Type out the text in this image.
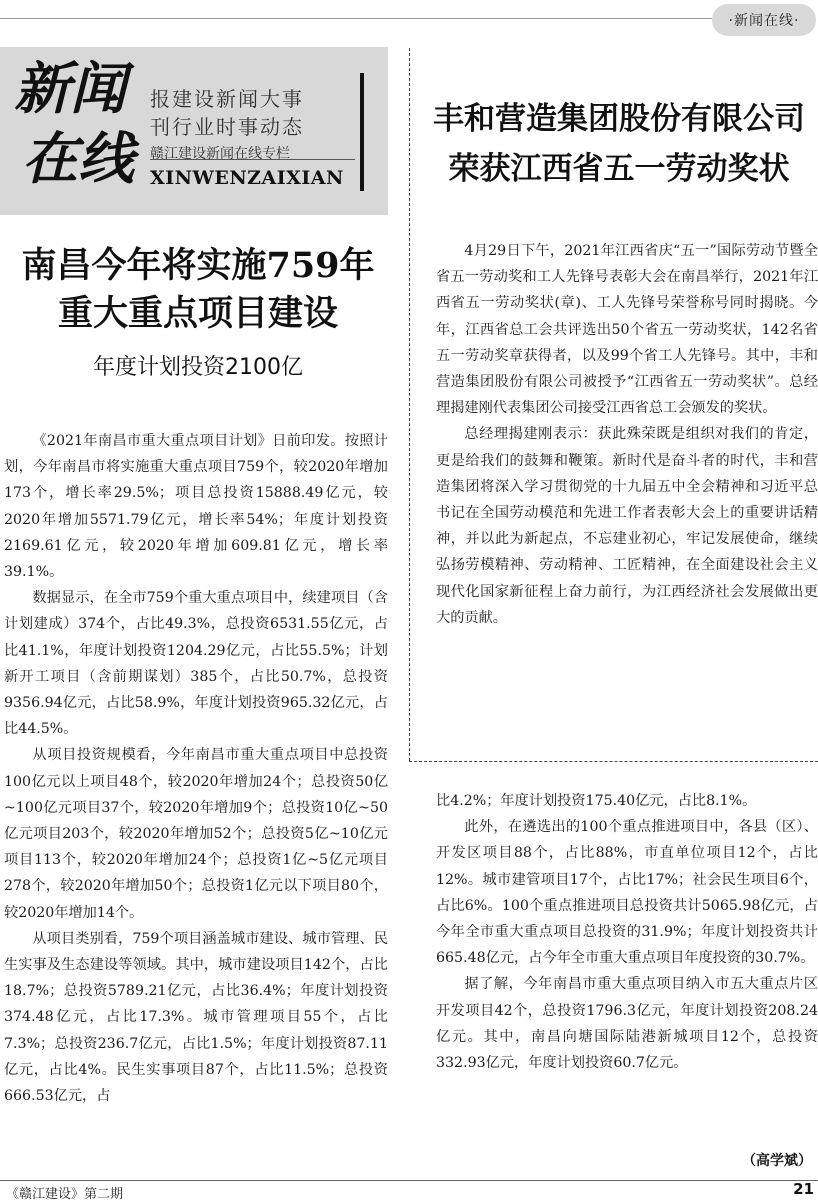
·新闻在线·
新闻
在线
报建设新闻大事
刊行业时事动态
赣江建设新闻在线专栏
XINWENZAIXIAN
南昌今年将实施759年
重大重点项目建设
年度计划投资2100亿

《2021年南昌市重大重点项目计划》日前印发。按照计划，今年南昌市将实施重大重点项目759个，较2020年增加173个，增长率29.5%；项目总投资15888.49亿元，较2020年增加5571.79亿元，增长率54%；年度计划投资2169.61亿元，较2020年增加609.81亿元，增长率39.1%。

数据显示，在全市759个重大重点项目中，续建项目（含计划建成）374个，占比49.3%，总投资6531.55亿元，占比41.1%，年度计划投资1204.29亿元，占比55.5%；计划新开工项目（含前期谋划）385个，占比50.7%，总投资9356.94亿元，占比58.9%，年度计划投资965.32亿元，占比44.5%。

从项目投资规模看，今年南昌市重大重点项目中总投资100亿元以上项目48个，较2020年增加24个；总投资50亿~100亿元项目37个，较2020年增加9个；总投资10亿~50亿元项目203个，较2020年增加52个；总投资5亿~10亿元项目113个，较2020年增加24个；总投资1亿~5亿元项目278个，较2020年增加50个；总投资1亿元以下项目80个，较2020年增加14个。

从项目类别看，759个项目涵盖城市建设、城市管理、民生实事及生态建设等领域。其中，城市建设项目142个，占比18.7%；总投资5789.21亿元，占比36.4%；年度计划投资374.48亿元，占比17.3%。城市管理项目55个，占比7.3%；总投资236.7亿元，占比1.5%；年度计划投资87.11亿元，占比4%。民生实事项目87个，占比11.5%；总投资666.53亿元，占

丰和营造集团股份有限公司
荣获江西省五一劳动奖状

4月29日下午，2021年江西省庆“五一”国际劳动节暨全省五一劳动奖和工人先锋号表彰大会在南昌举行，2021年江西省五一劳动奖状(章)、工人先锋号荣誉称号同时揭晓。今年，江西省总工会共评选出50个省五一劳动奖状，142名省五一劳动奖章获得者，以及99个省工人先锋号。其中，丰和营造集团股份有限公司被授予“江西省五一劳动奖状”。总经理揭建刚代表集团公司接受江西省总工会颁发的奖状。

总经理揭建刚表示：获此殊荣既是组织对我们的肯定，更是给我们的鼓舞和鞭策。新时代是奋斗者的时代，丰和营造集团将深入学习贯彻党的十九届五中全会精神和习近平总书记在全国劳动模范和先进工作者表彰大会上的重要讲话精神，并以此为新起点，不忘建业初心，牢记发展使命，继续弘扬劳模精神、劳动精神、工匠精神，在全面建设社会主义现代化国家新征程上奋力前行，为江西经济社会发展做出更大的贡献。

比4.2%；年度计划投资175.40亿元，占比8.1%。

此外，在遴选出的100个重点推进项目中，各县（区）、开发区项目88个，占比88%，市直单位项目12个，占比12%。城市建管项目17个，占比17%；社会民生项目6个，占比6%。100个重点推进项目总投资共计5065.98亿元，占今年全市重大重点项目总投资的31.9%；年度计划投资共计665.48亿元，占今年全市重大重点项目年度投资的30.7%。

据了解，今年南昌市重大重点项目纳入市五大重点片区开发项目42个，总投资1796.3亿元，年度计划投资208.24亿元。其中，南昌向塘国际陆港新城项目12个，总投资332.93亿元，年度计划投资60.7亿元。

（高学斌）
《赣江建设》第二期	21
